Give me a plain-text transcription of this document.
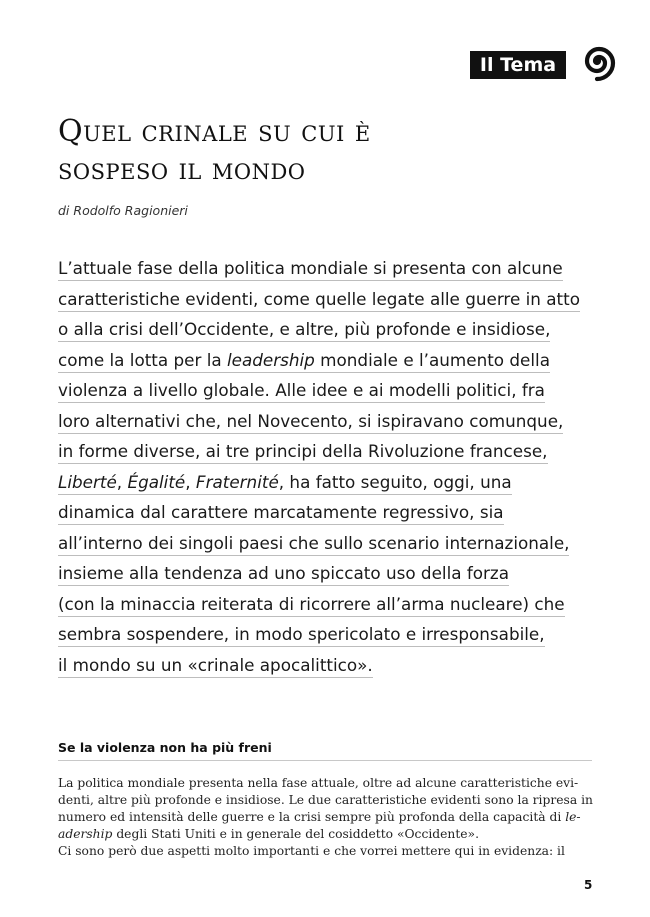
Il Tema
Quel crinale su cui è
sospeso il mondo
di Rodolfo Ragionieri
L’attuale fase della politica mondiale si presenta con alcune
caratteristiche evidenti, come quelle legate alle guerre in atto
o alla crisi dell’Occidente, e altre, più profonde e insidiose,
come la lotta per la leadership mondiale e l’aumento della
violenza a livello globale. Alle idee e ai modelli politici, fra
loro alternativi che, nel Novecento, si ispiravano comunque,
in forme diverse, ai tre principi della Rivoluzione francese,
Liberté, Égalité, Fraternité, ha fatto seguito, oggi, una
dinamica dal carattere marcatamente regressivo, sia
all’interno dei singoli paesi che sullo scenario internazionale,
insieme alla tendenza ad uno spiccato uso della forza
(con la minaccia reiterata di ricorrere all’arma nucleare) che
sembra sospendere, in modo spericolato e irresponsabile,
il mondo su un «crinale apocalittico».
Se la violenza non ha più freni
La politica mondiale presenta nella fase attuale, oltre ad alcune caratteristiche evi-
denti, altre più profonde e insidiose. Le due caratteristiche evidenti sono la ripresa in
numero ed intensità delle guerre e la crisi sempre più profonda della capacità di le-
adership degli Stati Uniti e in generale del cosiddetto «Occidente».
Ci sono però due aspetti molto importanti e che vorrei mettere qui in evidenza: il
5
